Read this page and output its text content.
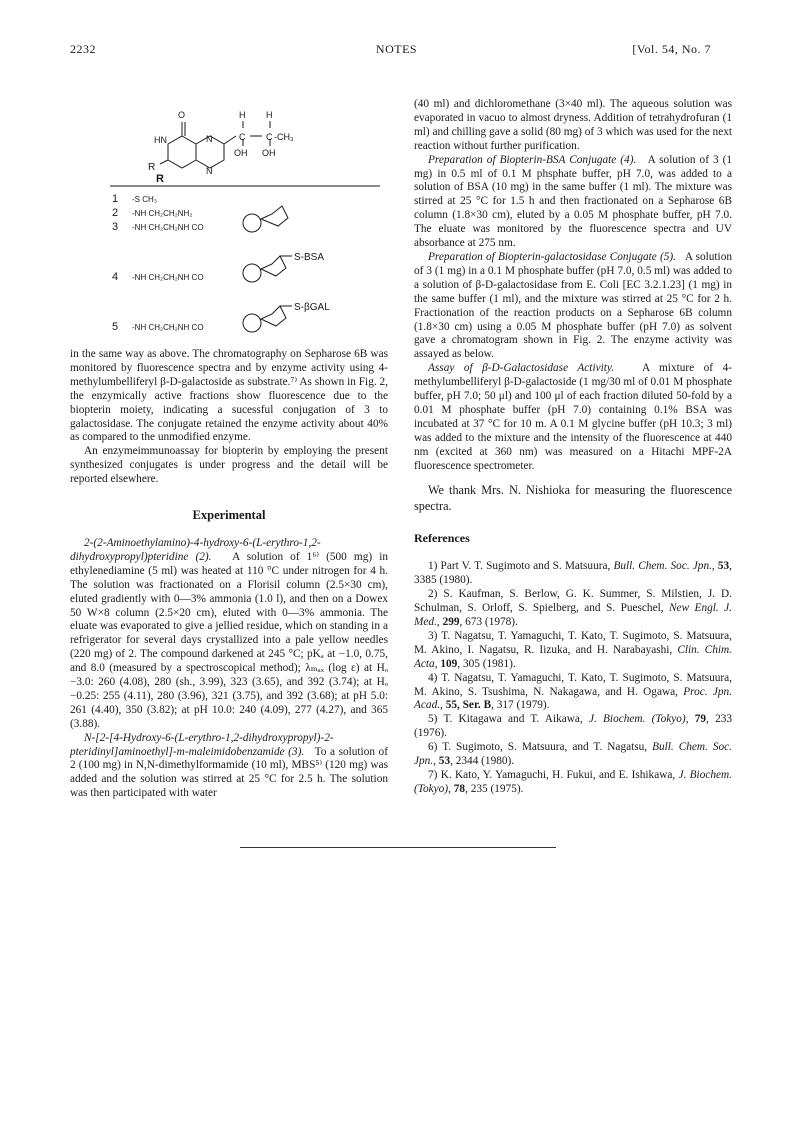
2232	NOTES	[Vol. 54, No. 7
O
HN	N
N
R
H H
C C -CH₃
OH OH
R
1 -S CH₃
2 -NH CH₂CH₂NH₂
3 -NH CH₂CH₂NH CO
4 -NH CH₂CH₂NH CO
S-BSA
5 -NH CH₂CH₂NH CO
S-βGAL

in the same way as above. The chromatography on Sepharose 6B was monitored by fluorescence spectra and by enzyme activity using 4-methylumbelliferyl β-D-galactoside as substrate.⁷⁾ As shown in Fig. 2, the enzymically active fractions show fluorescence due to the biopterin moiety, indicating a sucessful conjugation of 3 to galactosidase. The conjugate retained the enzyme activity about 40% as compared to the unmodified enzyme.

An enzymeimmunoassay for biopterin by employing the present synthesized conjugates is under progress and the detail will be reported elsewhere.

Experimental

2-(2-Aminoethylamino)-4-hydroxy-6-(L-erythro-1,2-dihydroxypropyl)pteridine (2). A solution of 1⁶⁾ (500 mg) in ethylenediamine (5 ml) was heated at 110 °C under nitrogen for 4 h. The solution was fractionated on a Florisil column (2.5×30 cm), eluted gradiently with 0—3% ammonia (1.0 l), and then on a Dowex 50 W×8 column (2.5×20 cm), eluted with 0—3% ammonia. The eluate was evaporated to give a jellied residue, which on standing in a refrigerator for several days crystallized into a pale yellow needles (220 mg) of 2. The compound darkened at 245 °C; pKₐ at −1.0, 0.75, and 8.0 (measured by a spectroscopical method); λₘₐₓ (log ε) at Hₒ −3.0: 260 (4.08), 280 (sh., 3.99), 323 (3.65), and 392 (3.74); at Hₒ −0.25: 255 (4.11), 280 (3.96), 321 (3.75), and 392 (3.68); at pH 5.0: 261 (4.40), 350 (3.82); at pH 10.0: 240 (4.09), 277 (4.27), and 365 (3.88).

N-[2-[4-Hydroxy-6-(L-erythro-1,2-dihydroxypropyl)-2-pteridinyl]aminoethyl]-m-maleimidobenzamide (3). To a solution of 2 (100 mg) in N,N-dimethylformamide (10 ml), MBS⁵⁾ (120 mg) was added and the solution was stirred at 25 °C for 2.5 h. The solution was then participated with water

(40 ml) and dichloromethane (3×40 ml). The aqueous solution was evaporated in vacuo to almost dryness. Addition of tetrahydrofuran (1 ml) and chilling gave a solid (80 mg) of 3 which was used for the next reaction without further purification.

Preparation of Biopterin-BSA Conjugate (4). A solution of 3 (1 mg) in 0.5 ml of 0.1 M phsphate buffer, pH 7.0, was added to a solution of BSA (10 mg) in the same buffer (1 ml). The mixture was stirred at 25 °C for 1.5 h and then fractionated on a Sepharose 6B column (1.8×30 cm), eluted by a 0.05 M phosphate buffer, pH 7.0. The eluate was monitored by the fluorescence spectra and UV absorbance at 275 nm.

Preparation of Biopterin-galactosidase Conjugate (5). A solution of 3 (1 mg) in a 0.1 M phosphate buffer (pH 7.0, 0.5 ml) was added to a solution of β-D-galactosidase from E. Coli [EC 3.2.1.23] (1 mg) in the same buffer (1 ml), and the mixture was stirred at 25 °C for 2 h. Fractionation of the reaction products on a Sepharose 6B column (1.8×30 cm) using a 0.05 M phosphate buffer (pH 7.0) as solvent gave a chromatogram shown in Fig. 2. The enzyme activity was assayed as below.

Assay of β-D-Galactosidase Activity. A mixture of 4-methylumbelliferyl β-D-galactoside (1 mg/30 ml of 0.01 M phosphate buffer, pH 7.0; 50 μl) and 100 μl of each fraction diluted 50-fold by a 0.01 M phosphate buffer (pH 7.0) containing 0.1% BSA was incubated at 37 °C for 10 m. A 0.1 M glycine buffer (pH 10.3; 3 ml) was added to the mixture and the intensity of the fluorescence at 440 nm (excited at 360 nm) was measured on a Hitachi MPF-2A fluorescence spectrometer.

We thank Mrs. N. Nishioka for measuring the fluorescence spectra.

References

1) Part V. T. Sugimoto and S. Matsuura, Bull. Chem. Soc. Jpn., 53, 3385 (1980).

2) S. Kaufman, S. Berlow, G. K. Summer, S. Milstien, J. D. Schulman, S. Orloff, S. Spielberg, and S. Pueschel, New Engl. J. Med., 299, 673 (1978).

3) T. Nagatsu, T. Yamaguchi, T. Kato, T. Sugimoto, S. Matsuura, M. Akino, I. Nagatsu, R. Iizuka, and H. Narabayashi, Clin. Chim. Acta, 109, 305 (1981).

4) T. Nagatsu, T. Yamaguchi, T. Kato, T. Sugimoto, S. Matsuura, M. Akino, S. Tsushima, N. Nakagawa, and H. Ogawa, Proc. Jpn. Acad., 55, Ser. B, 317 (1979).

5) T. Kitagawa and T. Aikawa, J. Biochem. (Tokyo), 79, 233 (1976).

6) T. Sugimoto, S. Matsuura, and T. Nagatsu, Bull. Chem. Soc. Jpn., 53, 2344 (1980).

7) K. Kato, Y. Yamaguchi, H. Fukui, and E. Ishikawa, J. Biochem. (Tokyo), 78, 235 (1975).
